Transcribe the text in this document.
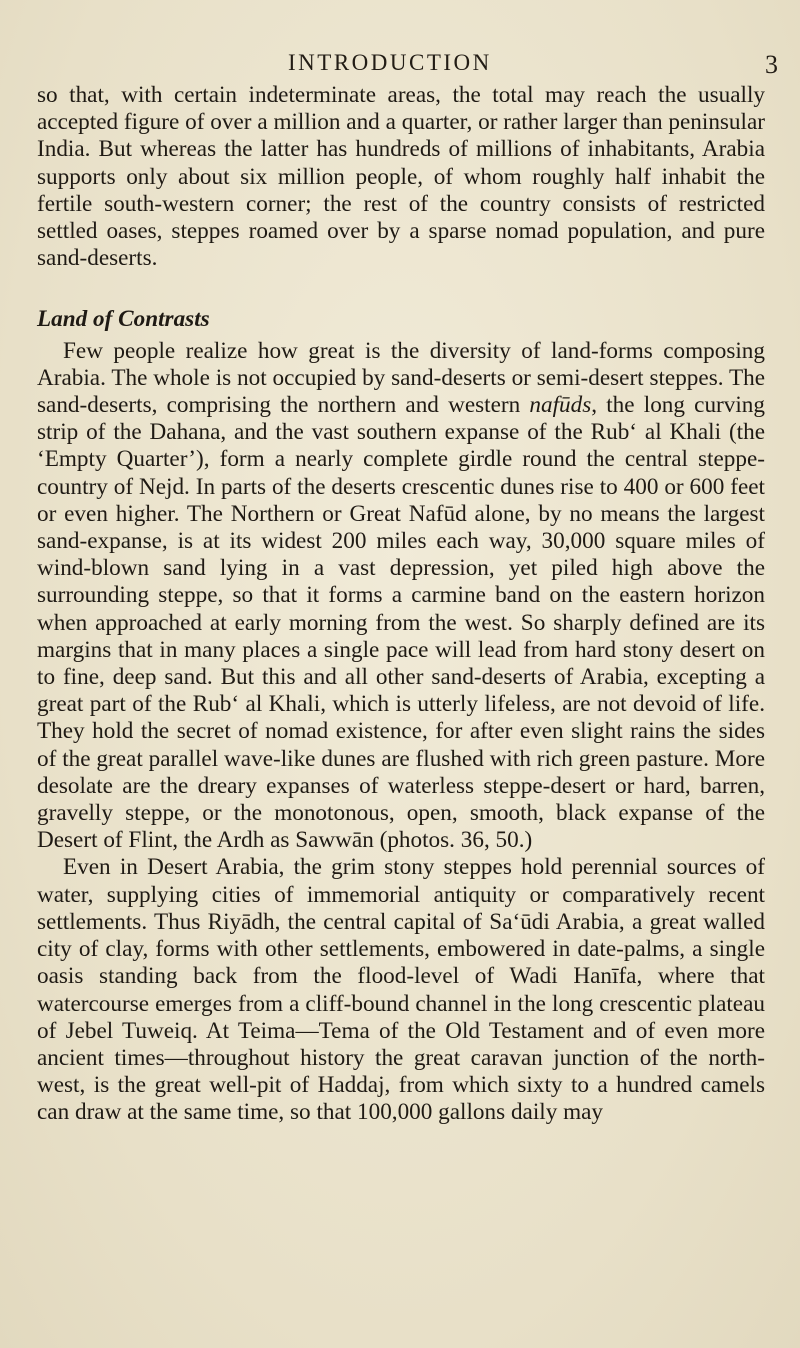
INTRODUCTION	3

so that, with certain indeterminate areas, the total may reach the usually accepted figure of over a million and a quarter, or rather larger than peninsular India. But whereas the latter has hundreds of millions of inhabitants, Arabia supports only about six million people, of whom roughly half inhabit the fertile south-western corner; the rest of the country consists of restricted settled oases, steppes roamed over by a sparse nomad population, and pure sand-deserts.

Land of Contrasts

Few people realize how great is the diversity of land-forms composing Arabia. The whole is not occupied by sand-deserts or semi-desert steppes. The sand-deserts, comprising the northern and western nafūds, the long curving strip of the Dahana, and the vast southern expanse of the Rub‘ al Khali (the ‘Empty Quarter’), form a nearly complete girdle round the central steppe-country of Nejd. In parts of the deserts crescentic dunes rise to 400 or 600 feet or even higher. The Northern or Great Nafūd alone, by no means the largest sand-expanse, is at its widest 200 miles each way, 30,000 square miles of wind-blown sand lying in a vast depression, yet piled high above the surrounding steppe, so that it forms a carmine band on the eastern horizon when approached at early morning from the west. So sharply defined are its margins that in many places a single pace will lead from hard stony desert on to fine, deep sand. But this and all other sand-deserts of Arabia, excepting a great part of the Rub‘ al Khali, which is utterly lifeless, are not devoid of life. They hold the secret of nomad existence, for after even slight rains the sides of the great parallel wave-like dunes are flushed with rich green pasture. More desolate are the dreary expanses of waterless steppe-desert or hard, barren, gravelly steppe, or the monotonous, open, smooth, black expanse of the Desert of Flint, the Ardh as Sawwān (photos. 36, 50.)

Even in Desert Arabia, the grim stony steppes hold perennial sources of water, supplying cities of immemorial antiquity or comparatively recent settlements. Thus Riyādh, the central capital of Sa‘ūdi Arabia, a great walled city of clay, forms with other settlements, embowered in date-palms, a single oasis standing back from the flood-level of Wadi Hanīfa, where that watercourse emerges from a cliff-bound channel in the long crescentic plateau of Jebel Tuweiq. At Teima—Tema of the Old Testament and of even more ancient times—throughout history the great caravan junction of the north-west, is the great well-pit of Haddaj, from which sixty to a hundred camels can draw at the same time, so that 100,000 gallons daily may
